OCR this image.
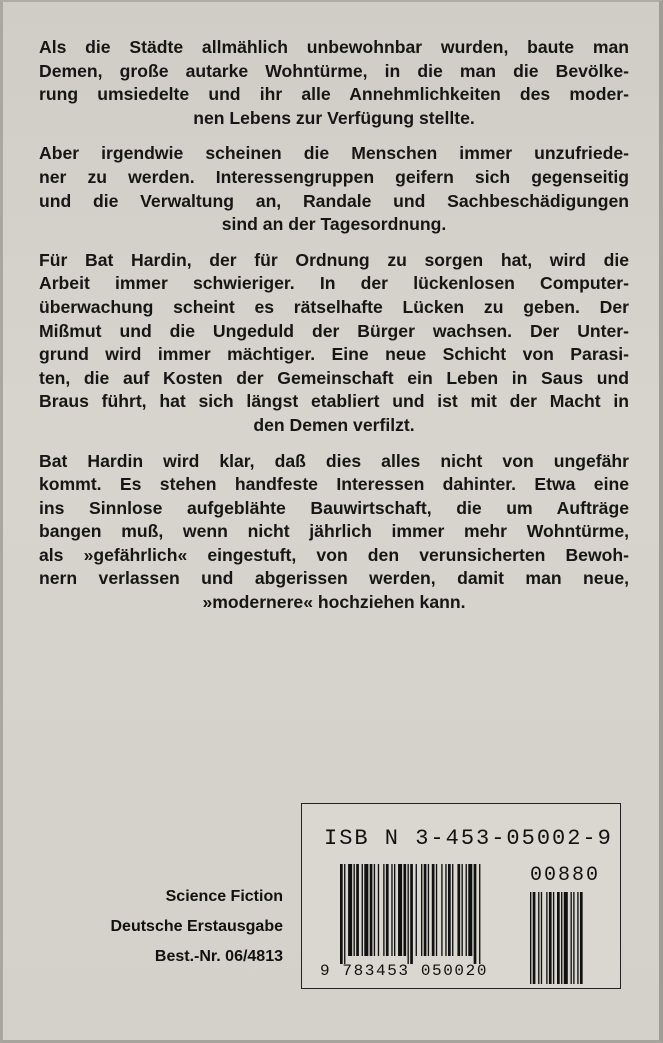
Als die Städte allmählich unbewohnbar wurden, baute man
Demen, große autarke Wohntürme, in die man die Bevölke-
rung umsiedelte und ihr alle Annehmlichkeiten des moder-
nen Lebens zur Verfügung stellte.
Aber irgendwie scheinen die Menschen immer unzufriede-
ner zu werden. Interessengruppen geifern sich gegenseitig
und die Verwaltung an, Randale und Sachbeschädigungen
sind an der Tagesordnung.
Für Bat Hardin, der für Ordnung zu sorgen hat, wird die
Arbeit immer schwieriger. In der lückenlosen Computer-
überwachung scheint es rätselhafte Lücken zu geben. Der
Mißmut und die Ungeduld der Bürger wachsen. Der Unter-
grund wird immer mächtiger. Eine neue Schicht von Parasi-
ten, die auf Kosten der Gemeinschaft ein Leben in Saus und
Braus führt, hat sich längst etabliert und ist mit der Macht in
den Demen verfilzt.
Bat Hardin wird klar, daß dies alles nicht von ungefähr
kommt. Es stehen handfeste Interessen dahinter. Etwa eine
ins Sinnlose aufgeblähte Bauwirtschaft, die um Aufträge
bangen muß, wenn nicht jährlich immer mehr Wohntürme,
als »gefährlich« eingestuft, von den verunsicherten Bewoh-
nern verlassen und abgerissen werden, damit man neue,
»modernere« hochziehen kann.
Science Fiction
Deutsche Erstausgabe
Best.-Nr. 06/4813
ISB N 3-453-05002-9
00880
9 783453 050020
